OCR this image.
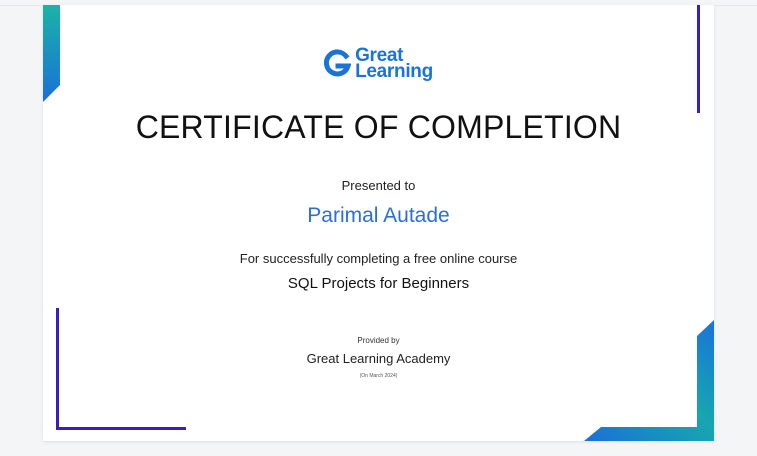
Great
Learning
CERTIFICATE OF COMPLETION
Presented to
Parimal Autade
For successfully completing a free online course
SQL Projects for Beginners
Provided by
Great Learning Academy
(On March 2024)
